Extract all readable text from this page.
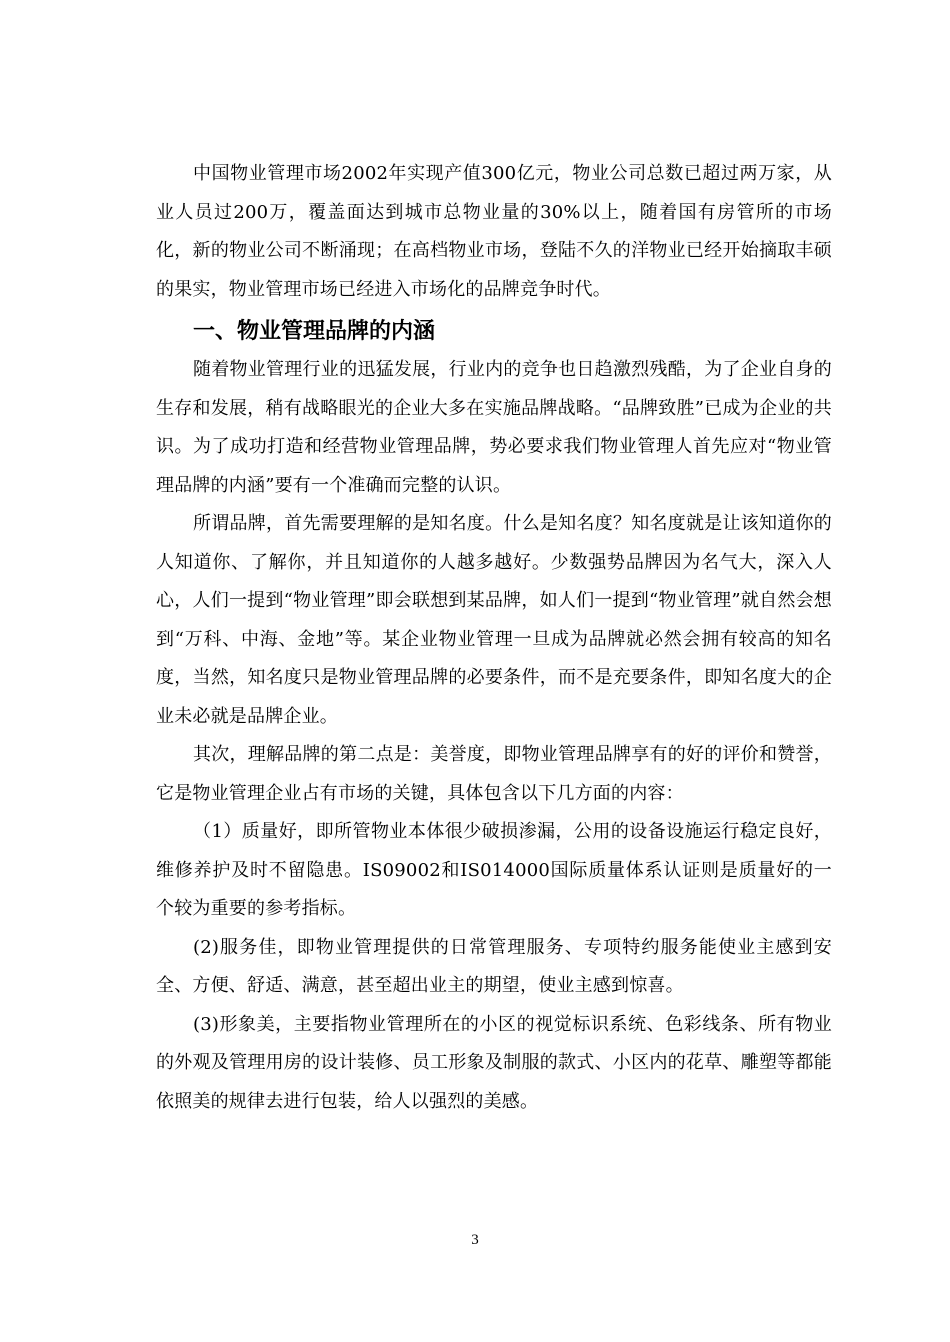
中国物业管理市场2002年实现产值300亿元，物业公司总数已超过两万家，从业人员过200万，覆盖面达到城市总物业量的30%以上，随着国有房管所的市场化，新的物业公司不断涌现；在高档物业市场，登陆不久的洋物业已经开始摘取丰硕的果实，物业管理市场已经进入市场化的品牌竞争时代。

一、物业管理品牌的内涵

随着物业管理行业的迅猛发展，行业内的竞争也日趋激烈残酷，为了企业自身的生存和发展，稍有战略眼光的企业大多在实施品牌战略。“品牌致胜”已成为企业的共识。为了成功打造和经营物业管理品牌，势必要求我们物业管理人首先应对“物业管理品牌的内涵”要有一个准确而完整的认识。

所谓品牌，首先需要理解的是知名度。什么是知名度？知名度就是让该知道你的人知道你、了解你，并且知道你的人越多越好。少数强势品牌因为名气大，深入人心，人们一提到“物业管理”即会联想到某品牌，如人们一提到“物业管理”就自然会想到“万科、中海、金地”等。某企业物业管理一旦成为品牌就必然会拥有较高的知名度，当然，知名度只是物业管理品牌的必要条件，而不是充要条件，即知名度大的企业未必就是品牌企业。

其次，理解品牌的第二点是：美誉度，即物业管理品牌享有的好的评价和赞誉，它是物业管理企业占有市场的关键，具体包含以下几方面的内容：

（1）质量好，即所管物业本体很少破损渗漏，公用的设备设施运行稳定良好，维修养护及时不留隐患。IS09002和IS014000国际质量体系认证则是质量好的一个较为重要的参考指标。

(2)服务佳，即物业管理提供的日常管理服务、专项特约服务能使业主感到安全、方便、舒适、满意，甚至超出业主的期望，使业主感到惊喜。

(3)形象美，主要指物业管理所在的小区的视觉标识系统、色彩线条、所有物业的外观及管理用房的设计装修、员工形象及制服的款式、小区内的花草、雕塑等都能依照美的规律去进行包装，给人以强烈的美感。

3
